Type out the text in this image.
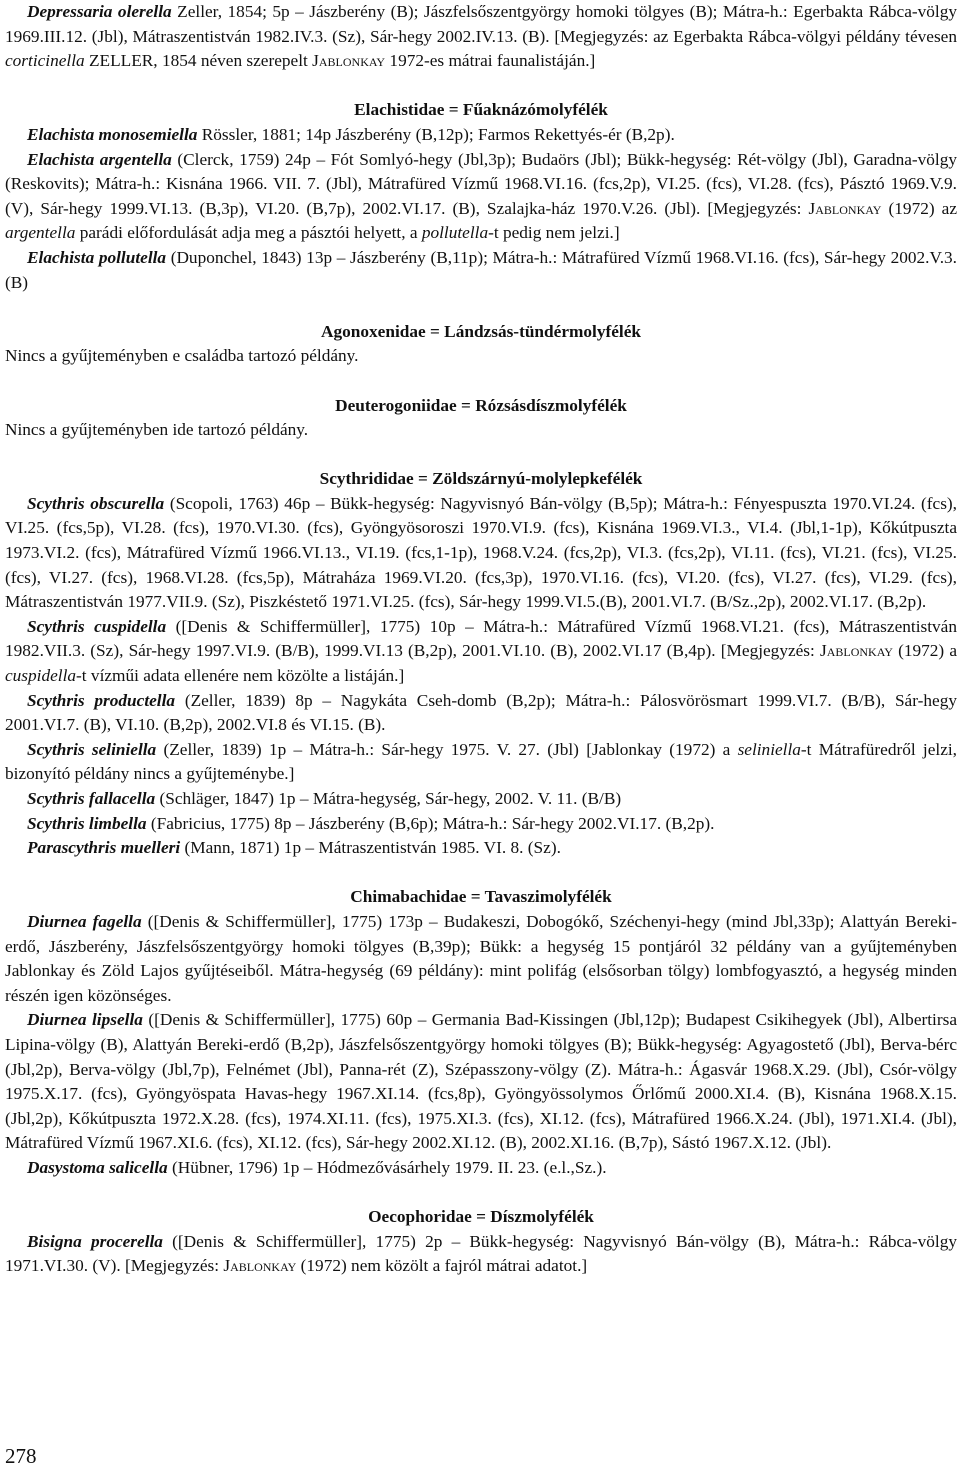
Depressaria olerella Zeller, 1854; 5p – Jászberény (B); Jászfelsőszentgyörgy homoki tölgyes (B); Mátra-h.: Egerbakta Rábca-völgy 1969.III.12. (Jbl), Mátraszentistván 1982.IV.3. (Sz), Sár-hegy 2002.IV.13. (B). [Megjegyzés: az Egerbakta Rábca-völgyi példány tévesen corticinella ZELLER, 1854 néven szerepelt Jablonkay 1972-es mátrai faunalistáján.]

Elachistidae = Fűaknázómolyfélék

Elachista monosemiella Rössler, 1881; 14p Jászberény (B,12p); Farmos Rekettyés-ér (B,2p).

Elachista argentella (Clerck, 1759) 24p – Fót Somlyó-hegy (Jbl,3p); Budaörs (Jbl); Bükk-hegység: Rét-völgy (Jbl), Garadna-völgy (Reskovits); Mátra-h.: Kisnána 1966. VII. 7. (Jbl), Mátrafüred Vízmű 1968.VI.16. (fcs,2p), VI.25. (fcs), VI.28. (fcs), Pásztó 1969.V.9. (V), Sár-hegy 1999.VI.13. (B,3p), VI.20. (B,7p), 2002.VI.17. (B), Szalajka-ház 1970.V.26. (Jbl). [Megjegyzés: Jablonkay (1972) az argentella parádi előfordulását adja meg a pásztói helyett, a pollutella-t pedig nem jelzi.]

Elachista pollutella (Duponchel, 1843) 13p – Jászberény (B,11p); Mátra-h.: Mátrafüred Vízmű 1968.VI.16. (fcs), Sár-hegy 2002.V.3. (B)

Agonoxenidae = Lándzsás-tündérmolyfélék

Nincs a gyűjteményben e családba tartozó példány.

Deuterogoniidae = Rózsásdíszmolyfélék

Nincs a gyűjteményben ide tartozó példány.

Scythrididae = Zöldszárnyú-molylepkefélék

Scythris obscurella (Scopoli, 1763) 46p – Bükk-hegység: Nagyvisnyó Bán-völgy (B,5p); Mátra-h.: Fényespuszta 1970.VI.24. (fcs), VI.25. (fcs,5p), VI.28. (fcs), 1970.VI.30. (fcs), Gyöngyösoroszi 1970.VI.9. (fcs), Kisnána 1969.VI.3., VI.4. (Jbl,1-1p), Kőkútpuszta 1973.VI.2. (fcs), Mátrafüred Vízmű 1966.VI.13., VI.19. (fcs,1-1p), 1968.V.24. (fcs,2p), VI.3. (fcs,2p), VI.11. (fcs), VI.21. (fcs), VI.25. (fcs), VI.27. (fcs), 1968.VI.28. (fcs,5p), Mátraháza 1969.VI.20. (fcs,3p), 1970.VI.16. (fcs), VI.20. (fcs), VI.27. (fcs), VI.29. (fcs), Mátraszentistván 1977.VII.9. (Sz), Piszkéstető 1971.VI.25. (fcs), Sár-hegy 1999.VI.5.(B), 2001.VI.7. (B/Sz.,2p), 2002.VI.17. (B,2p).

Scythris cuspidella ([Denis & Schiffermüller], 1775) 10p – Mátra-h.: Mátrafüred Vízmű 1968.VI.21. (fcs), Mátraszentistván 1982.VII.3. (Sz), Sár-hegy 1997.VI.9. (B/B), 1999.VI.13 (B,2p), 2001.VI.10. (B), 2002.VI.17 (B,4p). [Megjegyzés: Jablonkay (1972) a cuspidella-t vízműi adata ellenére nem közölte a listáján.]

Scythris productella (Zeller, 1839) 8p – Nagykáta Cseh-domb (B,2p); Mátra-h.: Pálosvörösmart 1999.VI.7. (B/B), Sár-hegy 2001.VI.7. (B), VI.10. (B,2p), 2002.VI.8 és VI.15. (B).

Scythris seliniella (Zeller, 1839) 1p – Mátra-h.: Sár-hegy 1975. V. 27. (Jbl) [Jablonkay (1972) a seliniella-t Mátrafüredről jelzi, bizonyító példány nincs a gyűjteménybe.]

Scythris fallacella (Schläger, 1847) 1p – Mátra-hegység, Sár-hegy, 2002. V. 11. (B/B)

Scythris limbella (Fabricius, 1775) 8p – Jászberény (B,6p); Mátra-h.: Sár-hegy 2002.VI.17. (B,2p).

Parascythris muelleri (Mann, 1871) 1p – Mátraszentistván 1985. VI. 8. (Sz).

Chimabachidae = Tavaszimolyfélék

Diurnea fagella ([Denis & Schiffermüller], 1775) 173p – Budakeszi, Dobogókő, Széchenyi-hegy (mind Jbl,33p); Alattyán Bereki-erdő, Jászberény, Jászfelsőszentgyörgy homoki tölgyes (B,39p); Bükk: a hegység 15 pontjáról 32 példány van a gyűjteményben Jablonkay és Zöld Lajos gyűjtéseiből. Mátra-hegység (69 példány): mint polifág (elsősorban tölgy) lombfogyasztó, a hegység minden részén igen közönséges.

Diurnea lipsella ([Denis & Schiffermüller], 1775) 60p – Germania Bad-Kissingen (Jbl,12p); Budapest Csikihegyek (Jbl), Albertirsa Lipina-völgy (B), Alattyán Bereki-erdő (B,2p), Jászfelsőszentgyörgy homoki tölgyes (B); Bükk-hegység: Agyagostető (Jbl), Berva-bérc (Jbl,2p), Berva-völgy (Jbl,7p), Felnémet (Jbl), Panna-rét (Z), Szépasszony-völgy (Z). Mátra-h.: Ágasvár 1968.X.29. (Jbl), Csór-völgy 1975.X.17. (fcs), Gyöngyöspata Havas-hegy 1967.XI.14. (fcs,8p), Gyöngyössolymos Őrlőmű 2000.XI.4. (B), Kisnána 1968.X.15. (Jbl,2p), Kőkútpuszta 1972.X.28. (fcs), 1974.XI.11. (fcs), 1975.XI.3. (fcs), XI.12. (fcs), Mátrafüred 1966.X.24. (Jbl), 1971.XI.4. (Jbl), Mátrafüred Vízmű 1967.XI.6. (fcs), XI.12. (fcs), Sár-hegy 2002.XI.12. (B), 2002.XI.16. (B,7p), Sástó 1967.X.12. (Jbl).

Dasystoma salicella (Hübner, 1796) 1p – Hódmezővásárhely 1979. II. 23. (e.l.,Sz.).

Oecophoridae = Díszmolyfélék

Bisigna procerella ([Denis & Schiffermüller], 1775) 2p – Bükk-hegység: Nagyvisnyó Bán-völgy (B), Mátra-h.: Rábca-völgy 1971.VI.30. (V). [Megjegyzés: Jablonkay (1972) nem közölt a fajról mátrai adatot.]

278
